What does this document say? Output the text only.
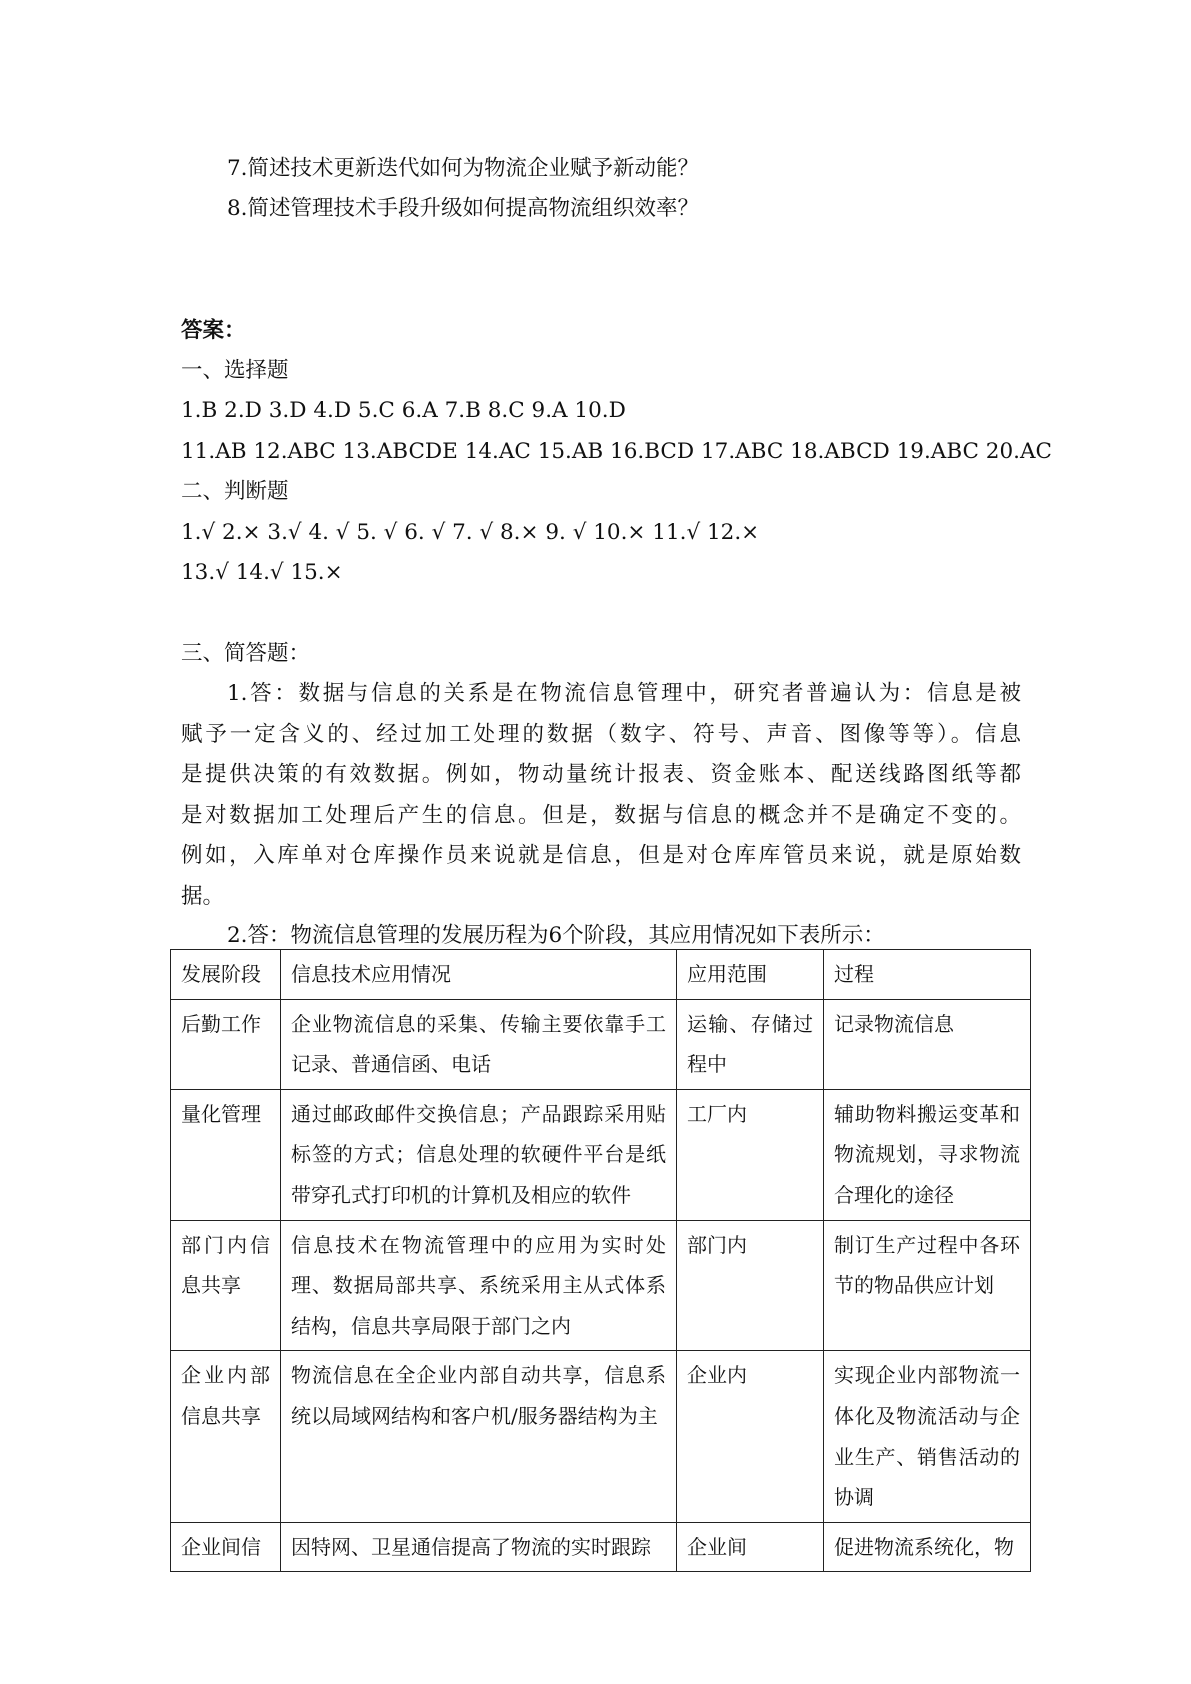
7.简述技术更新迭代如何为物流企业赋予新动能？
8.简述管理技术手段升级如何提高物流组织效率？
答案：
一、选择题
1.B 2.D 3.D 4.D 5.C 6.A 7.B 8.C 9.A 10.D
11.AB 12.ABC 13.ABCDE 14.AC 15.AB 16.BCD 17.ABC 18.ABCD 19.ABC 20.AC
二、判断题
1.√ 2.× 3.√ 4. √ 5. √ 6. √ 7. √ 8.× 9. √ 10.× 11.√ 12.×
13.√ 14.√ 15.×
三、简答题：
1.答：数据与信息的关系是在物流信息管理中，研究者普遍认为：信息是被
赋予一定含义的、经过加工处理的数据（数字、符号、声音、图像等等）。信息
是提供决策的有效数据。例如，物动量统计报表、资金账本、配送线路图纸等都
是对数据加工处理后产生的信息。但是，数据与信息的概念并不是确定不变的。
例如，入库单对仓库操作员来说就是信息，但是对仓库库管员来说，就是原始数
据。
2.答：物流信息管理的发展历程为6个阶段，其应用情况如下表所示：
发展阶段	信息技术应用情况	应用范围	过程
后勤工作	企业物流信息的采集、传输主要依靠手工记录、普通信函、电话	运输、存储过程中	记录物流信息
量化管理	通过邮政邮件交换信息；产品跟踪采用贴标签的方式；信息处理的软硬件平台是纸带穿孔式打印机的计算机及相应的软件	工厂内	辅助物料搬运变革和物流规划，寻求物流合理化的途径
部门内信息共享	信息技术在物流管理中的应用为实时处理、数据局部共享、系统采用主从式体系结构，信息共享局限于部门之内	部门内	制订生产过程中各环节的物品供应计划
企业内部信息共享	物流信息在全企业内部自动共享，信息系统以局域网结构和客户机/服务器结构为主	企业内	实现企业内部物流一体化及物流活动与企业生产、销售活动的协调
企业间信	因特网、卫星通信提高了物流的实时跟踪	企业间	促进物流系统化，物
